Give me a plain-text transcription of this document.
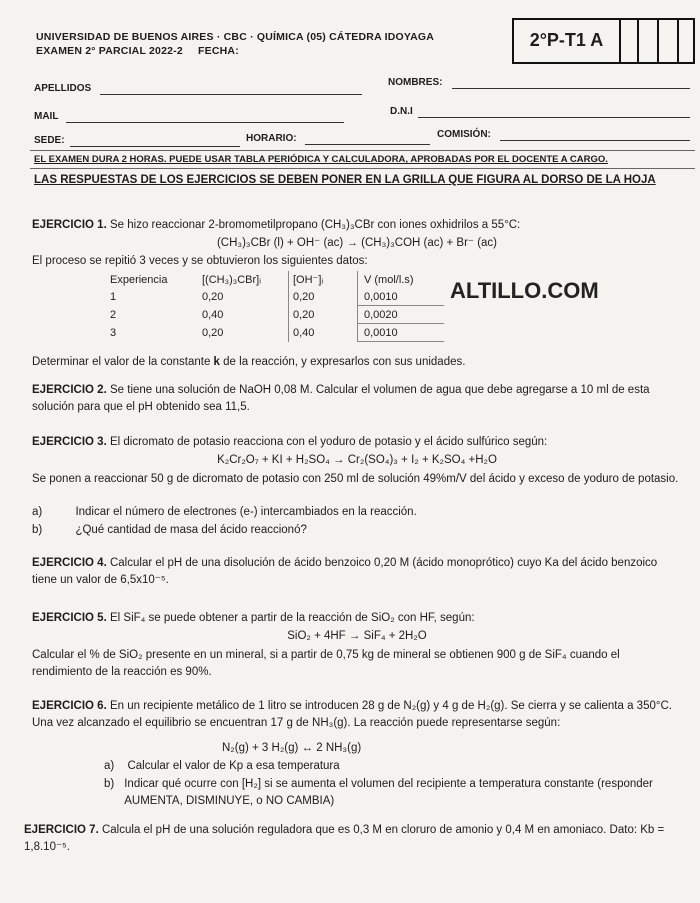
UNIVERSIDAD DE BUENOS AIRES · CBC · QUÍMICA (05) CÁTEDRA IDOYAGA
EXAMEN 2° PARCIAL 2022-2 FECHA:
2°P-T1 A
APELLIDOS
NOMBRES:
MAIL	D.N.I
SEDE:	HORARIO:	COMISIÓN:
EL EXAMEN DURA 2 HORAS. PUEDE USAR TABLA PERIÓDICA Y CALCULADORA, APROBADAS POR EL DOCENTE A CARGO.
LAS RESPUESTAS DE LOS EJERCICIOS SE DEBEN PONER EN LA GRILLA QUE FIGURA AL DORSO DE LA HOJA
EJERCICIO 1. Se hizo reaccionar 2-bromometilpropano (CH₃)₃CBr con iones oxhidrilos a 55°C:
(CH₃)₃CBr (l) + OH⁻ (ac) → (CH₃)₃COH (ac) + Br⁻ (ac)
El proceso se repitió 3 veces y se obtuvieron los siguientes datos:
Experiencia	[(CH₃)₃CBr]ᵢ	[OH⁻]ᵢ	V (mol/l.s)
1	0,20	0,20	0,0010
2	0,40	0,20	0,0020
3	0,20	0,40	0,0010
ALTILLO.COM
Determinar el valor de la constante k de la reacción, y expresarlos con sus unidades.
EJERCICIO 2. Se tiene una solución de NaOH 0,08 M. Calcular el volumen de agua que debe agregarse a 10 ml de esta solución para que el pH obtenido sea 11,5.
EJERCICIO 3. El dicromato de potasio reacciona con el yoduro de potasio y el ácido sulfúrico según:
K₂Cr₂O₇ + KI + H₂SO₄ → Cr₂(SO₄)₃ + I₂ + K₂SO₄ +H₂O
Se ponen a reaccionar 50 g de dicromato de potasio con 250 ml de solución 49%m/V del ácido y exceso de yoduro de potasio.
a)	Indicar el número de electrones (e-) intercambiados en la reacción.
b)	¿Qué cantidad de masa del ácido reaccionó?
EJERCICIO 4. Calcular el pH de una disolución de ácido benzoico 0,20 M (ácido monoprótico) cuyo Ka del ácido benzoico tiene un valor de 6,5x10⁻⁵.
EJERCICIO 5. El SiF₄ se puede obtener a partir de la reacción de SiO₂ con HF, según:
SiO₂ + 4HF → SiF₄ + 2H₂O
Calcular el % de SiO₂ presente en un mineral, si a partir de 0,75 kg de mineral se obtienen 900 g de SiF₄ cuando el rendimiento de la reacción es 90%.
EJERCICIO 6. En un recipiente metálico de 1 litro se introducen 28 g de N₂(g) y 4 g de H₂(g). Se cierra y se calienta a 350°C. Una vez alcanzado el equilibrio se encuentran 17 g de NH₃(g). La reacción puede representarse según:
N₂(g) + 3 H₂(g) ↔ 2 NH₃(g)
a) Calcular el valor de Kp a esa temperatura
b) Indicar qué ocurre con [H₂] si se aumenta el volumen del recipiente a temperatura constante (responder AUMENTA, DISMINUYE, o NO CAMBIA)
EJERCICIO 7. Calcula el pH de una solución reguladora que es 0,3 M en cloruro de amonio y 0,4 M en amoniaco. Dato: Kb = 1,8.10⁻⁵.
